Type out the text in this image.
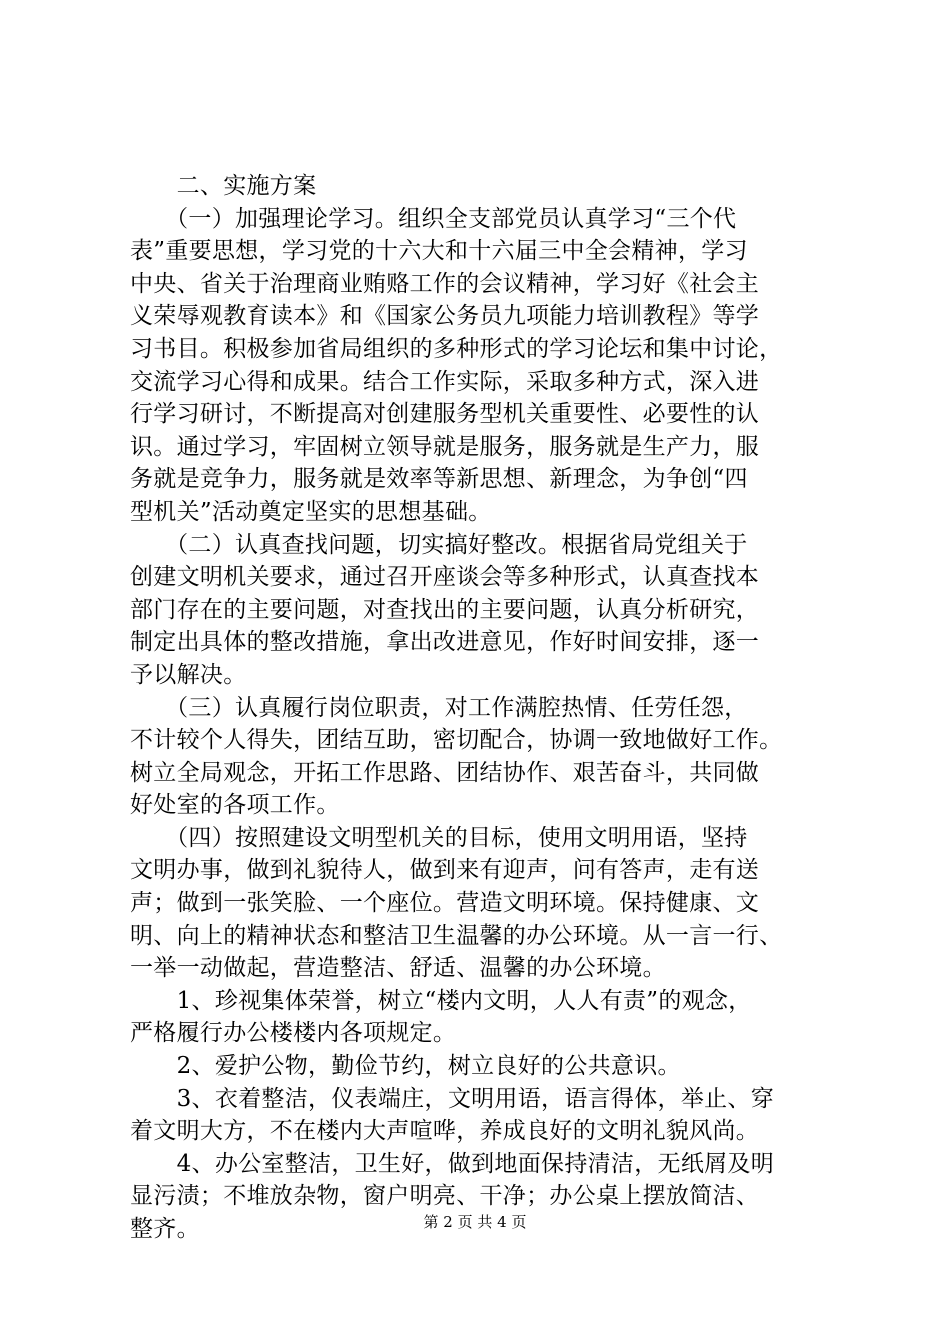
　　二、实施方案
　　（一）加强理论学习。组织全支部党员认真学习“三个代
表”重要思想，学习党的十六大和十六届三中全会精神，学习
中央、省关于治理商业贿赂工作的会议精神，学习好《社会主
义荣辱观教育读本》和《国家公务员九项能力培训教程》等学
习书目。积极参加省局组织的多种形式的学习论坛和集中讨论，
交流学习心得和成果。结合工作实际，采取多种方式，深入进
行学习研讨，不断提高对创建服务型机关重要性、必要性的认
识。通过学习，牢固树立领导就是服务，服务就是生产力，服
务就是竞争力，服务就是效率等新思想、新理念，为争创“四
型机关”活动奠定坚实的思想基础。
　　（二）认真查找问题，切实搞好整改。根据省局党组关于
创建文明机关要求，通过召开座谈会等多种形式，认真查找本
部门存在的主要问题，对查找出的主要问题，认真分析研究，
制定出具体的整改措施，拿出改进意见，作好时间安排，逐一
予以解决。
　　（三）认真履行岗位职责，对工作满腔热情、任劳任怨，
不计较个人得失，团结互助，密切配合，协调一致地做好工作。
树立全局观念，开拓工作思路、团结协作、艰苦奋斗，共同做
好处室的各项工作。
　　（四）按照建设文明型机关的目标，使用文明用语，坚持
文明办事，做到礼貌待人，做到来有迎声，问有答声，走有送
声；做到一张笑脸、一个座位。营造文明环境。保持健康、文
明、向上的精神状态和整洁卫生温馨的办公环境。从一言一行、
一举一动做起，营造整洁、舒适、温馨的办公环境。
　　1、珍视集体荣誉，树立“楼内文明，人人有责”的观念，
严格履行办公楼楼内各项规定。
　　2、爱护公物，勤俭节约，树立良好的公共意识。
　　3、衣着整洁，仪表端庄，文明用语，语言得体，举止、穿
着文明大方，不在楼内大声喧哗，养成良好的文明礼貌风尚。
　　4、办公室整洁，卫生好，做到地面保持清洁，无纸屑及明
显污渍；不堆放杂物，窗户明亮、干净；办公桌上摆放简洁、
整齐。	第 2 页 共 4 页
